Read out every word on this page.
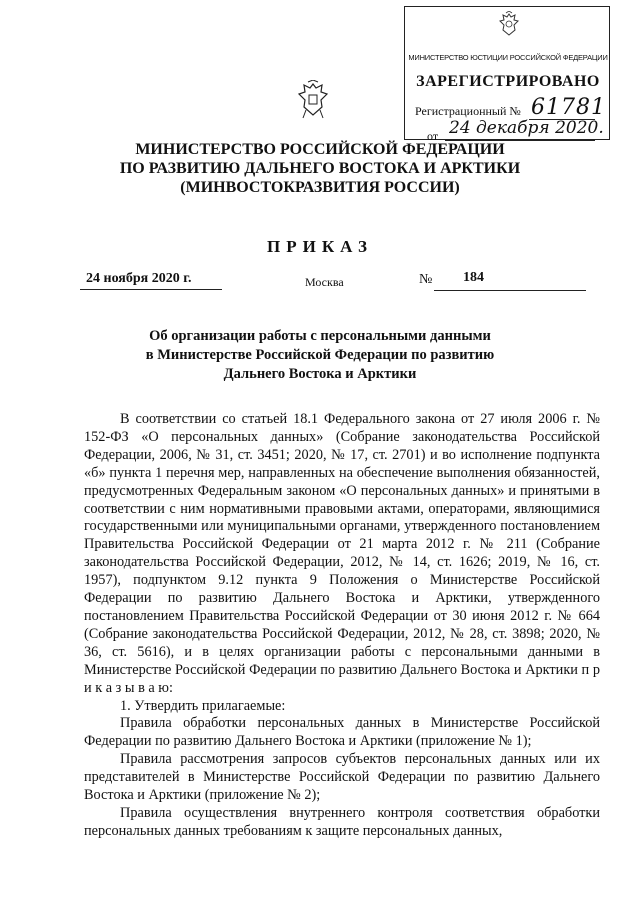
МИНИСТЕРСТВО ЮСТИЦИИ РОССИЙСКОЙ ФЕДЕРАЦИИ
ЗАРЕГИСТРИРОВАНО
Регистрационный № 61781
от 24 декабря 2020.
МИНИСТЕРСТВО РОССИЙСКОЙ ФЕДЕРАЦИИ
ПО РАЗВИТИЮ ДАЛЬНЕГО ВОСТОКА И АРКТИКИ
(МИНВОСТОКРАЗВИТИЯ РОССИИ)
ПРИКАЗ
24 ноября 2020 г.	Москва	№ 184
Об организации работы с персональными данными
в Министерстве Российской Федерации по развитию
Дальнего Востока и Арктики

В соответствии со статьей 18.1 Федерального закона от 27 июля 2006 г. № 152-ФЗ «О персональных данных» (Собрание законодательства Российской Федерации, 2006, № 31, ст. 3451; 2020, № 17, ст. 2701) и во исполнение подпункта «б» пункта 1 перечня мер, направленных на обеспечение выполнения обязанностей, предусмотренных Федеральным законом «О персональных данных» и принятыми в соответствии с ним нормативными правовыми актами, операторами, являющимися государственными или муниципальными органами, утвержденного постановлением Правительства Российской Федерации от 21 марта 2012 г. № 211 (Собрание законодательства Российской Федерации, 2012, № 14, ст. 1626; 2019, № 16, ст. 1957), подпунктом 9.12 пункта 9 Положения о Министерстве Российской Федерации по развитию Дальнего Востока и Арктики, утвержденного постановлением Правительства Российской Федерации от 30 июня 2012 г. № 664 (Собрание законодательства Российской Федерации, 2012, № 28, ст. 3898; 2020, № 36, ст. 5616), и в целях организации работы с персональными данными в Министерстве Российской Федерации по развитию Дальнего Востока и Арктики п р и к а з ы в а ю:

1. Утвердить прилагаемые:

Правила обработки персональных данных в Министерстве Российской Федерации по развитию Дальнего Востока и Арктики (приложение № 1);

Правила рассмотрения запросов субъектов персональных данных или их представителей в Министерстве Российской Федерации по развитию Дальнего Востока и Арктики (приложение № 2);

Правила осуществления внутреннего контроля соответствия обработки персональных данных требованиям к защите персональных данных,
